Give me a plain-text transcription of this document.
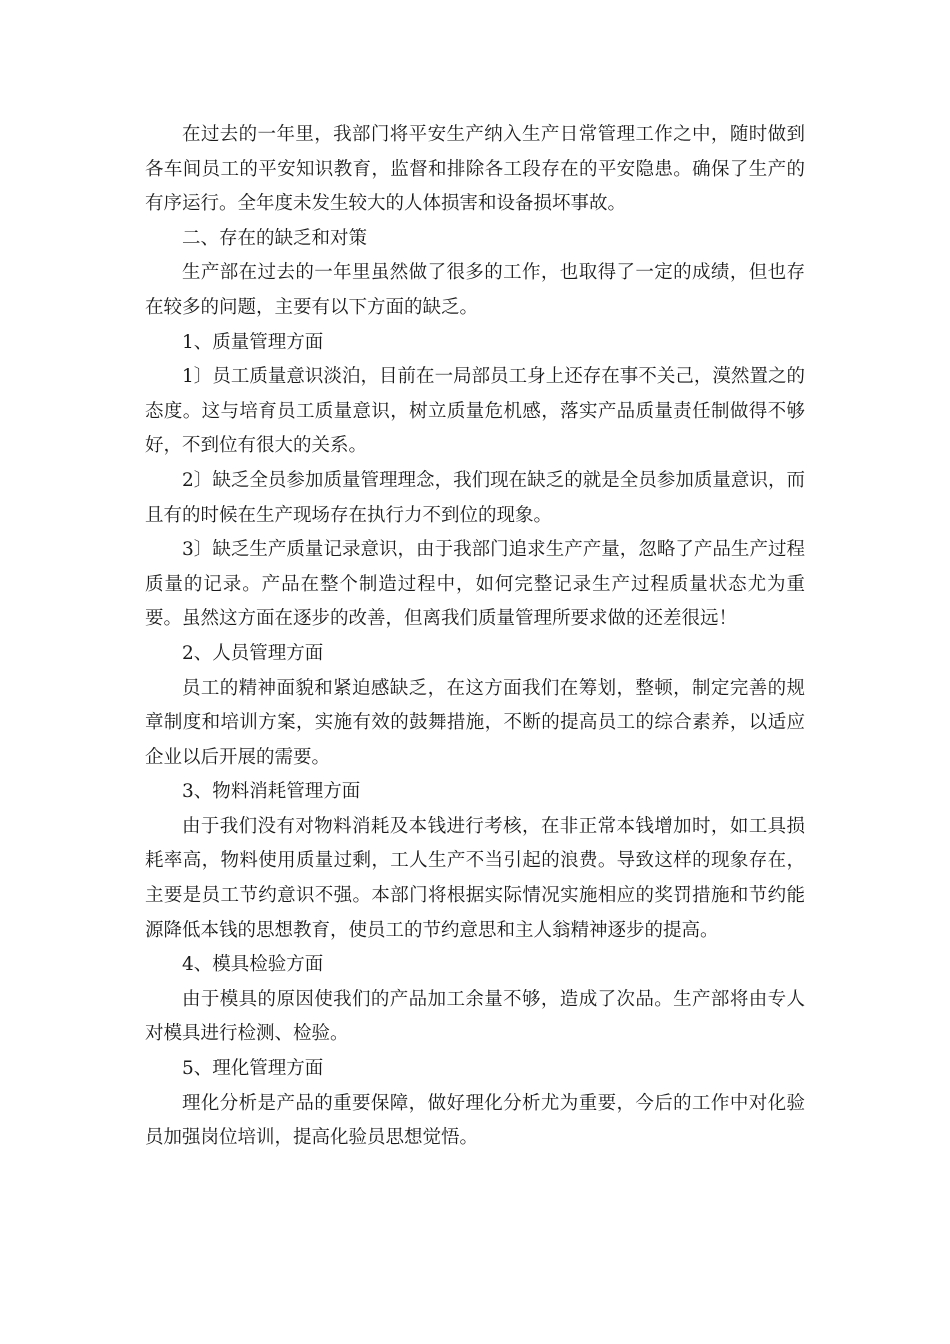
在过去的一年里，我部门将平安生产纳入生产日常管理工作之中，随时做到各车间员工的平安知识教育，监督和排除各工段存在的平安隐患。确保了生产的有序运行。全年度未发生较大的人体损害和设备损坏事故。

二、存在的缺乏和对策

生产部在过去的一年里虽然做了很多的工作，也取得了一定的成绩，但也存在较多的问题，主要有以下方面的缺乏。

1、质量管理方面

1〕员工质量意识淡泊，目前在一局部员工身上还存在事不关己，漠然置之的态度。这与培育员工质量意识，树立质量危机感，落实产品质量责任制做得不够好，不到位有很大的关系。

2〕缺乏全员参加质量管理理念，我们现在缺乏的就是全员参加质量意识，而且有的时候在生产现场存在执行力不到位的现象。

3〕缺乏生产质量记录意识，由于我部门追求生产产量，忽略了产品生产过程质量的记录。产品在整个制造过程中，如何完整记录生产过程质量状态尤为重要。虽然这方面在逐步的改善，但离我们质量管理所要求做的还差很远！

2、人员管理方面

员工的精神面貌和紧迫感缺乏，在这方面我们在筹划，整顿，制定完善的规章制度和培训方案，实施有效的鼓舞措施，不断的提高员工的综合素养，以适应企业以后开展的需要。

3、物料消耗管理方面

由于我们没有对物料消耗及本钱进行考核，在非正常本钱增加时，如工具损耗率高，物料使用质量过剩，工人生产不当引起的浪费。导致这样的现象存在，主要是员工节约意识不强。本部门将根据实际情况实施相应的奖罚措施和节约能源降低本钱的思想教育，使员工的节约意思和主人翁精神逐步的提高。

4、模具检验方面

由于模具的原因使我们的产品加工余量不够，造成了次品。生产部将由专人对模具进行检测、检验。

5、理化管理方面

理化分析是产品的重要保障，做好理化分析尤为重要，今后的工作中对化验员加强岗位培训，提高化验员思想觉悟。
